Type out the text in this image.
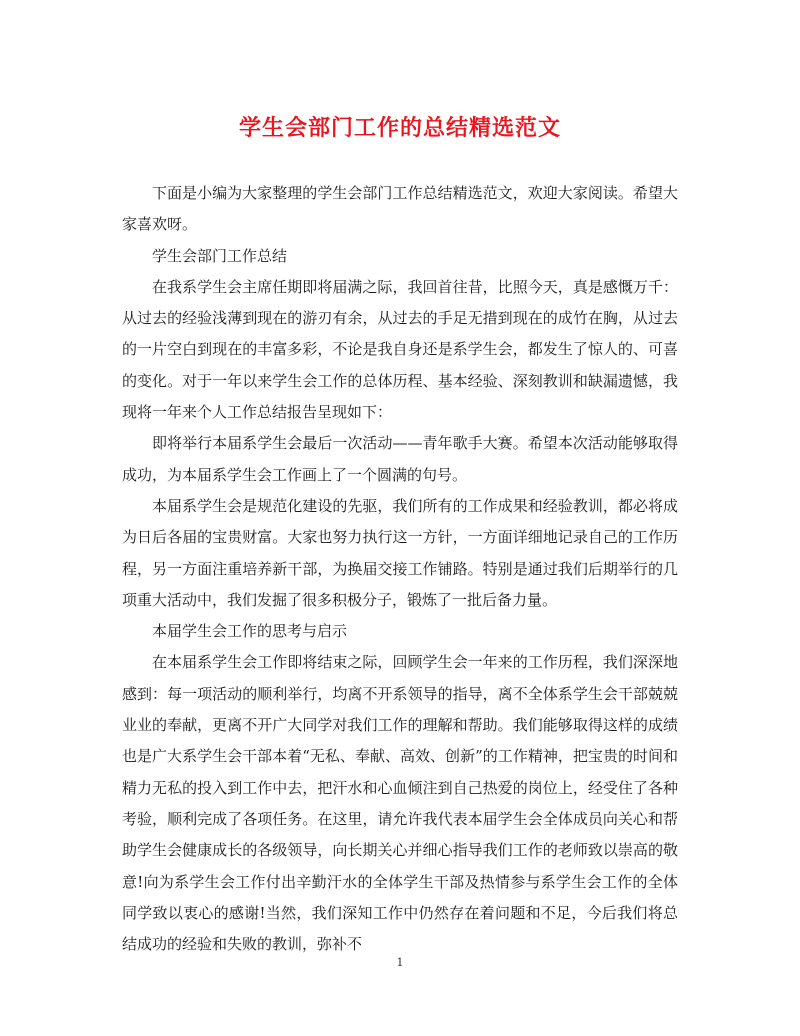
学生会部门工作的总结精选范文

下面是小编为大家整理的学生会部门工作总结精选范文，欢迎大家阅读。希望大家喜欢呀。

学生会部门工作总结

在我系学生会主席任期即将届满之际，我回首往昔，比照今天，真是感慨万千：从过去的经验浅薄到现在的游刃有余，从过去的手足无措到现在的成竹在胸，从过去的一片空白到现在的丰富多彩，不论是我自身还是系学生会，都发生了惊人的、可喜的变化。对于一年以来学生会工作的总体历程、基本经验、深刻教训和缺漏遗憾，我现将一年来个人工作总结报告呈现如下：

即将举行本届系学生会最后一次活动——青年歌手大赛。希望本次活动能够取得成功，为本届系学生会工作画上了一个圆满的句号。

本届系学生会是规范化建设的先驱，我们所有的工作成果和经验教训，都必将成为日后各届的宝贵财富。大家也努力执行这一方针，一方面详细地记录自己的工作历程，另一方面注重培养新干部，为换届交接工作铺路。特别是通过我们后期举行的几项重大活动中，我们发掘了很多积极分子，锻炼了一批后备力量。

本届学生会工作的思考与启示

在本届系学生会工作即将结束之际，回顾学生会一年来的工作历程，我们深深地感到：每一项活动的顺利举行，均离不开系领导的指导，离不全体系学生会干部兢兢业业的奉献，更离不开广大同学对我们工作的理解和帮助。我们能够取得这样的成绩也是广大系学生会干部本着“无私、奉献、高效、创新”的工作精神，把宝贵的时间和精力无私的投入到工作中去，把汗水和心血倾注到自己热爱的岗位上，经受住了各种考验，顺利完成了各项任务。在这里，请允许我代表本届学生会全体成员向关心和帮助学生会健康成长的各级领导，向长期关心并细心指导我们工作的老师致以崇高的敬意!向为系学生会工作付出辛勤汗水的全体学生干部及热情参与系学生会工作的全体同学致以衷心的感谢!当然，我们深知工作中仍然存在着问题和不足，今后我们将总结成功的经验和失败的教训，弥补不

1
